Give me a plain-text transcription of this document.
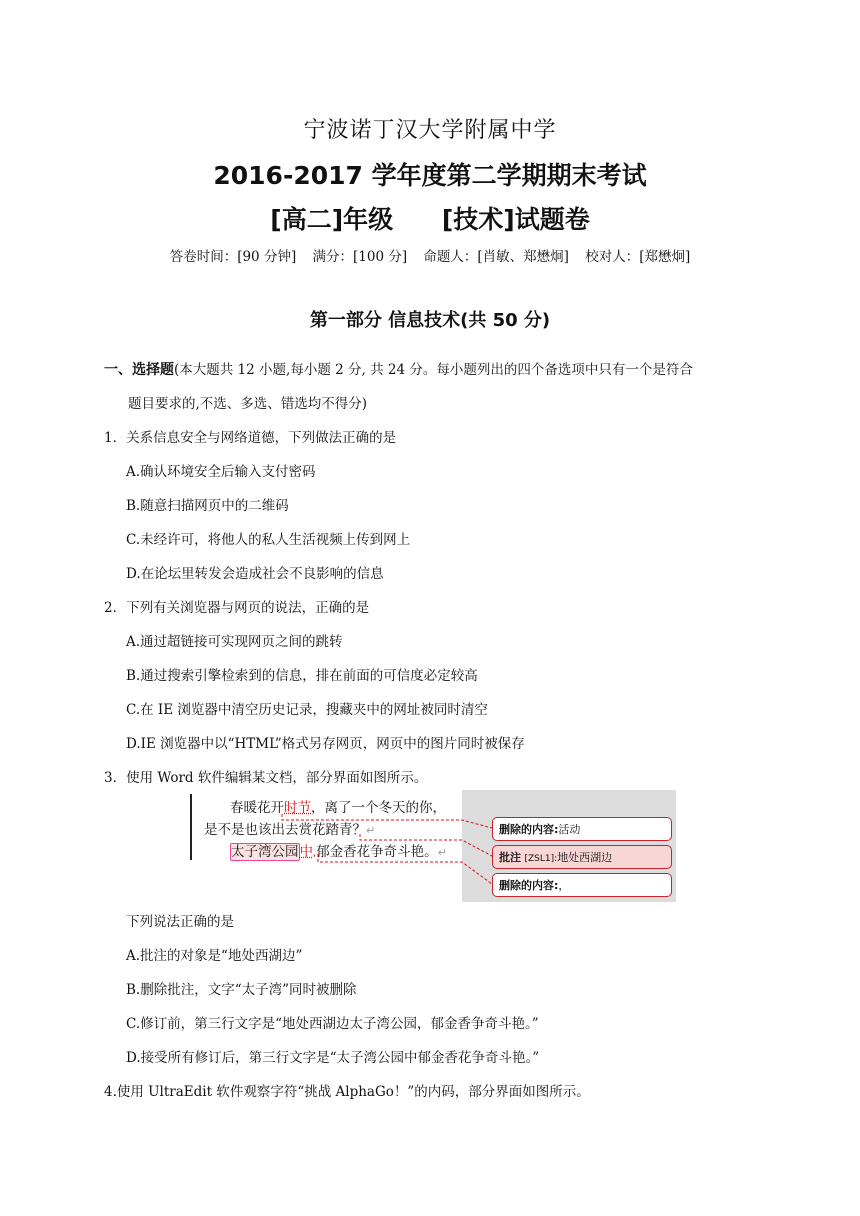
宁波诺丁汉大学附属中学
2016-2017 学年度第二学期期末考试
[高二]年级 [技术]试题卷
答卷时间：[90 分钟] 满分：[100 分] 命题人：[肖敏、郑懋炯] 校对人：[郑懋炯]
第一部分 信息技术(共 50 分)
一、选择题(本大题共 12 小题,每小题 2 分, 共 24 分。每小题列出的四个备选项中只有一个是符合
题目要求的,不选、多选、错选均不得分)
1．关系信息安全与网络道德，下列做法正确的是
A.确认环境安全后输入支付密码
B.随意扫描网页中的二维码
C.未经许可，将他人的私人生活视频上传到网上
D.在论坛里转发会造成社会不良影响的信息
2．下列有关浏览器与网页的说法，正确的是
A.通过超链接可实现网页之间的跳转
B.通过搜索引擎检索到的信息，排在前面的可信度必定较高
C.在 IE 浏览器中清空历史记录，搜藏夹中的网址被同时清空
D.IE 浏览器中以“HTML”格式另存网页，网页中的图片同时被保存
3．使用 Word 软件编辑某文档，部分界面如图所示。
春暖花开时节，离了一个冬天的你，
是不是也该出去赏花踏青？↵
太子湾公园中,郁金香花争奇斗艳。↵
删除的内容:活动
批注 [ZSL1]:地处西湖边
删除的内容:，
下列说法正确的是
A.批注的对象是“地处西湖边”
B.删除批注，文字“太子湾”同时被删除
C.修订前，第三行文字是“地处西湖边太子湾公园，郁金香争奇斗艳。”
D.接受所有修订后，第三行文字是“太子湾公园中郁金香花争奇斗艳。”
4.使用 UltraEdit 软件观察字符“挑战 AlphaGo！”的内码，部分界面如图所示。
